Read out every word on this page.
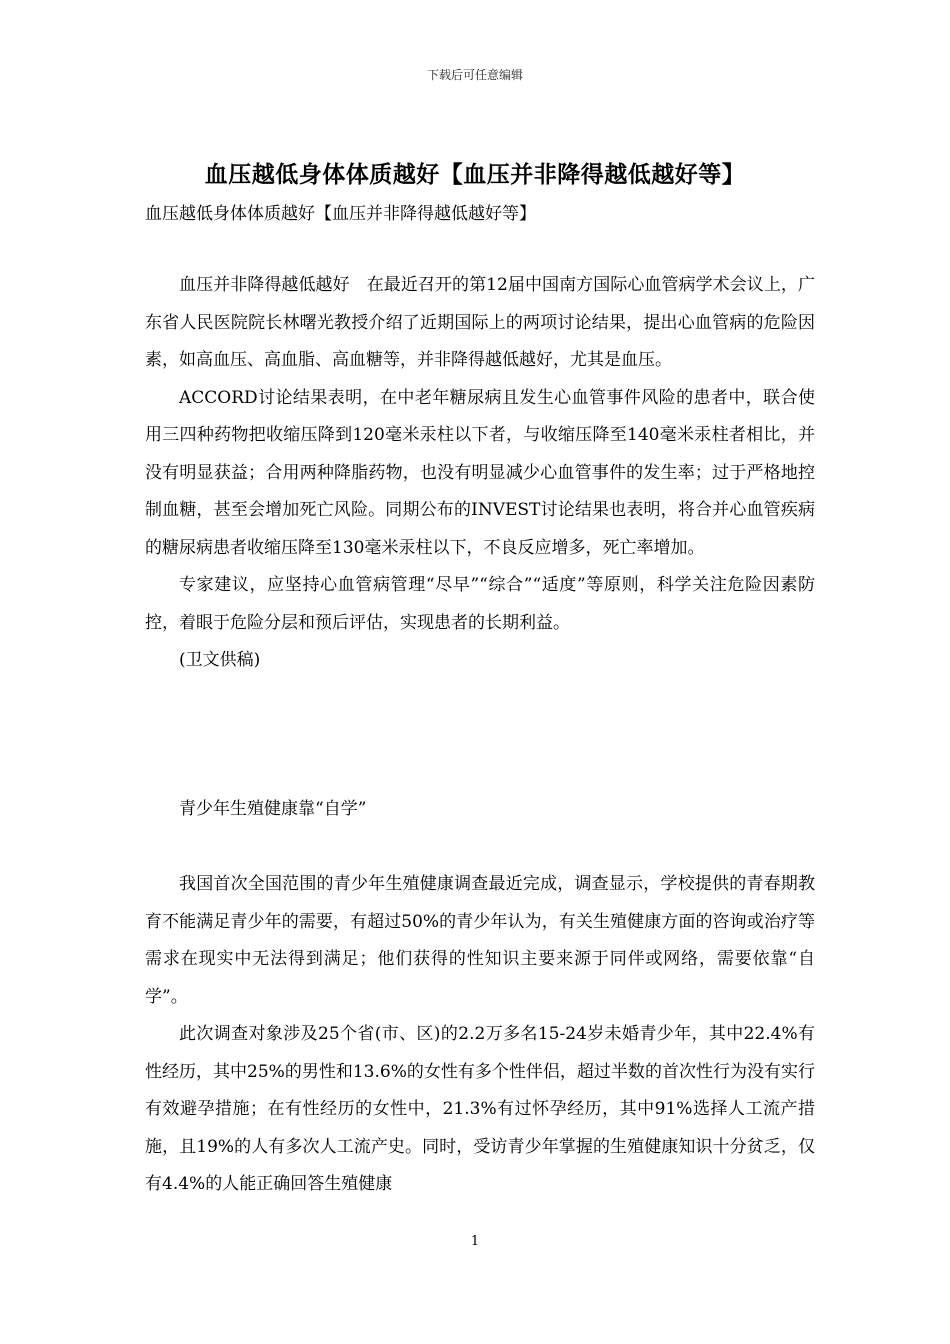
下载后可任意编辑
血压越低身体体质越好【血压并非降得越低越好等】
血压越低身体体质越好【血压并非降得越低越好等】

血压并非降得越低越好　在最近召开的第12届中国南方国际心血管病学术会议上，广东省人民医院院长林曙光教授介绍了近期国际上的两项讨论结果，提出心血管病的危险因素，如高血压、高血脂、高血糖等，并非降得越低越好，尤其是血压。

ACCORD讨论结果表明，在中老年糖尿病且发生心血管事件风险的患者中，联合使用三四种药物把收缩压降到120毫米汞柱以下者，与收缩压降至140毫米汞柱者相比，并没有明显获益；合用两种降脂药物，也没有明显减少心血管事件的发生率；过于严格地控制血糖，甚至会增加死亡风险。同期公布的INVEST讨论结果也表明，将合并心血管疾病的糖尿病患者收缩压降至130毫米汞柱以下，不良反应增多，死亡率增加。

专家建议，应坚持心血管病管理“尽早”“综合”“适度”等原则，科学关注危险因素防控，着眼于危险分层和预后评估，实现患者的长期利益。

(卫文供稿)

青少年生殖健康靠“自学”

我国首次全国范围的青少年生殖健康调查最近完成，调查显示，学校提供的青春期教育不能满足青少年的需要，有超过50%的青少年认为，有关生殖健康方面的咨询或治疗等需求在现实中无法得到满足；他们获得的性知识主要来源于同伴或网络，需要依靠“自学”。

此次调查对象涉及25个省(市、区)的2.2万多名15-24岁未婚青少年，其中22.4%有性经历，其中25%的男性和13.6%的女性有多个性伴侣，超过半数的首次性行为没有实行有效避孕措施；在有性经历的女性中，21.3%有过怀孕经历，其中91%选择人工流产措施，且19%的人有多次人工流产史。同时，受访青少年掌握的生殖健康知识十分贫乏，仅有4.4%的人能正确回答生殖健康

1
